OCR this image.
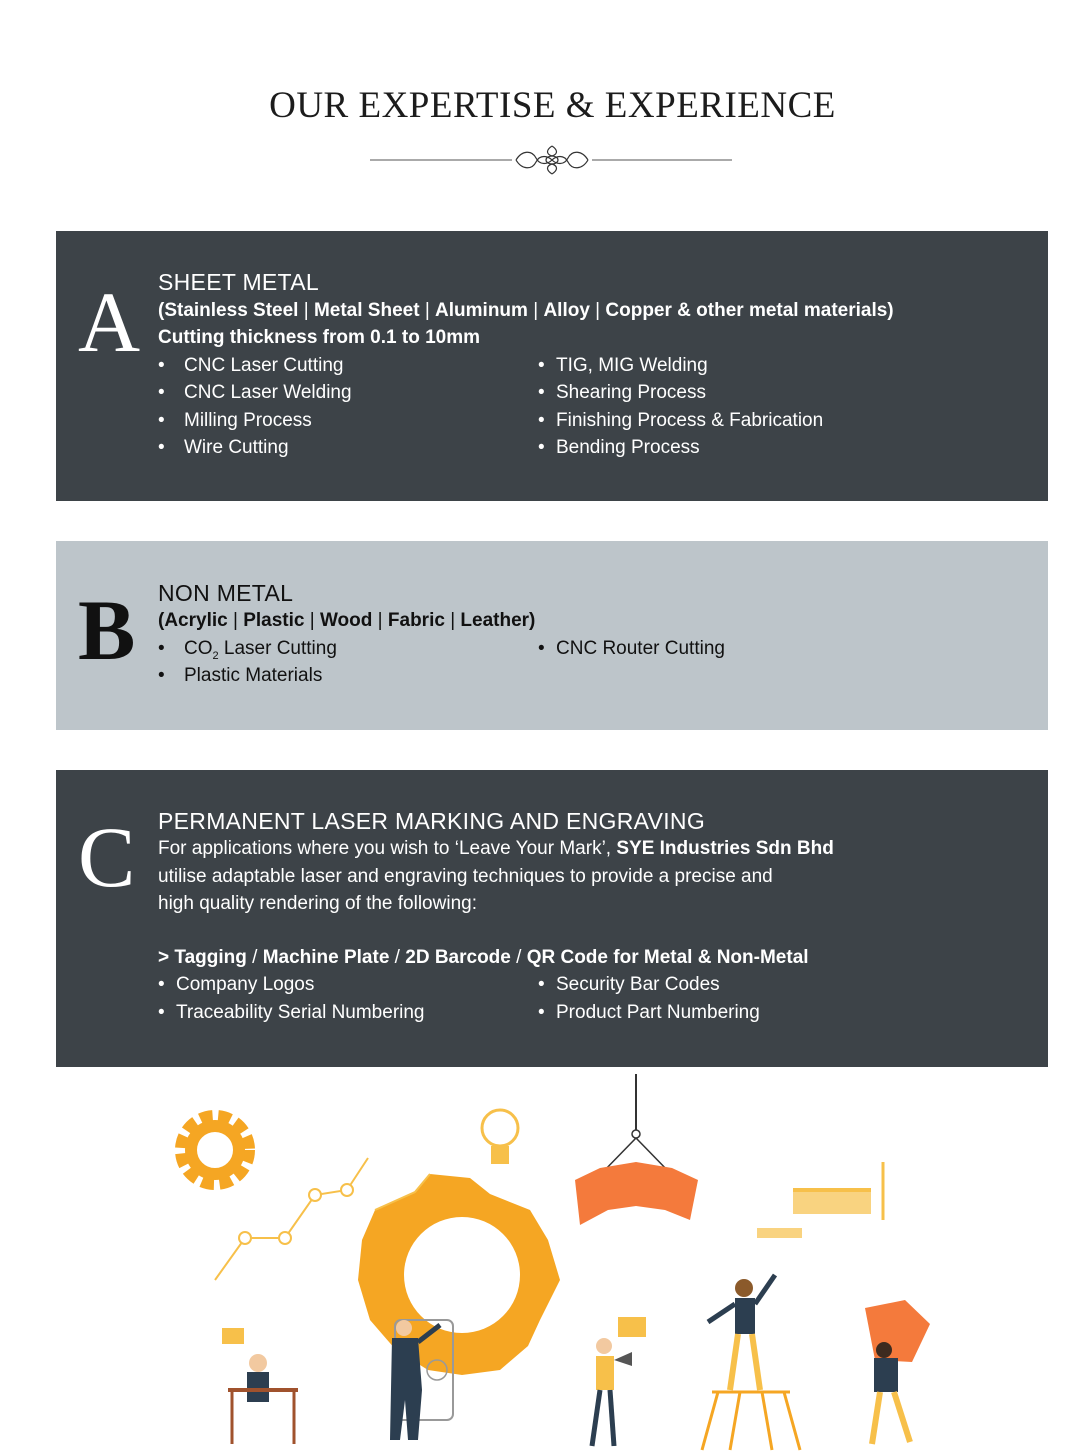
OUR EXPERTISE & EXPERIENCE
A SHEET METAL
(Stainless Steel | Metal Sheet | Aluminum | Alloy | Copper & other metal materials)
Cutting thickness from 0.1 to 10mm
• CNC Laser Cutting
• CNC Laser Welding
• Milling Process
• Wire Cutting
• TIG, MIG Welding
• Shearing Process
• Finishing Process & Fabrication
• Bending Process
B NON METAL
(Acrylic | Plastic | Wood | Fabric | Leather)
• $CO_2$ Laser Cutting
• Plastic Materials
• CNC Router Cutting
C PERMANENT LASER MARKING AND ENGRAVING
For applications where you wish to ‘Leave Your Mark’, SYE Industries Sdn Bhd
utilise adaptable laser and engraving techniques to provide a precise and
high quality rendering of the following:
> Tagging / Machine Plate / 2D Barcode / QR Code for Metal & Non-Metal
• Company Logos
• Traceability Serial Numbering
• Security Bar Codes
• Product Part Numbering
